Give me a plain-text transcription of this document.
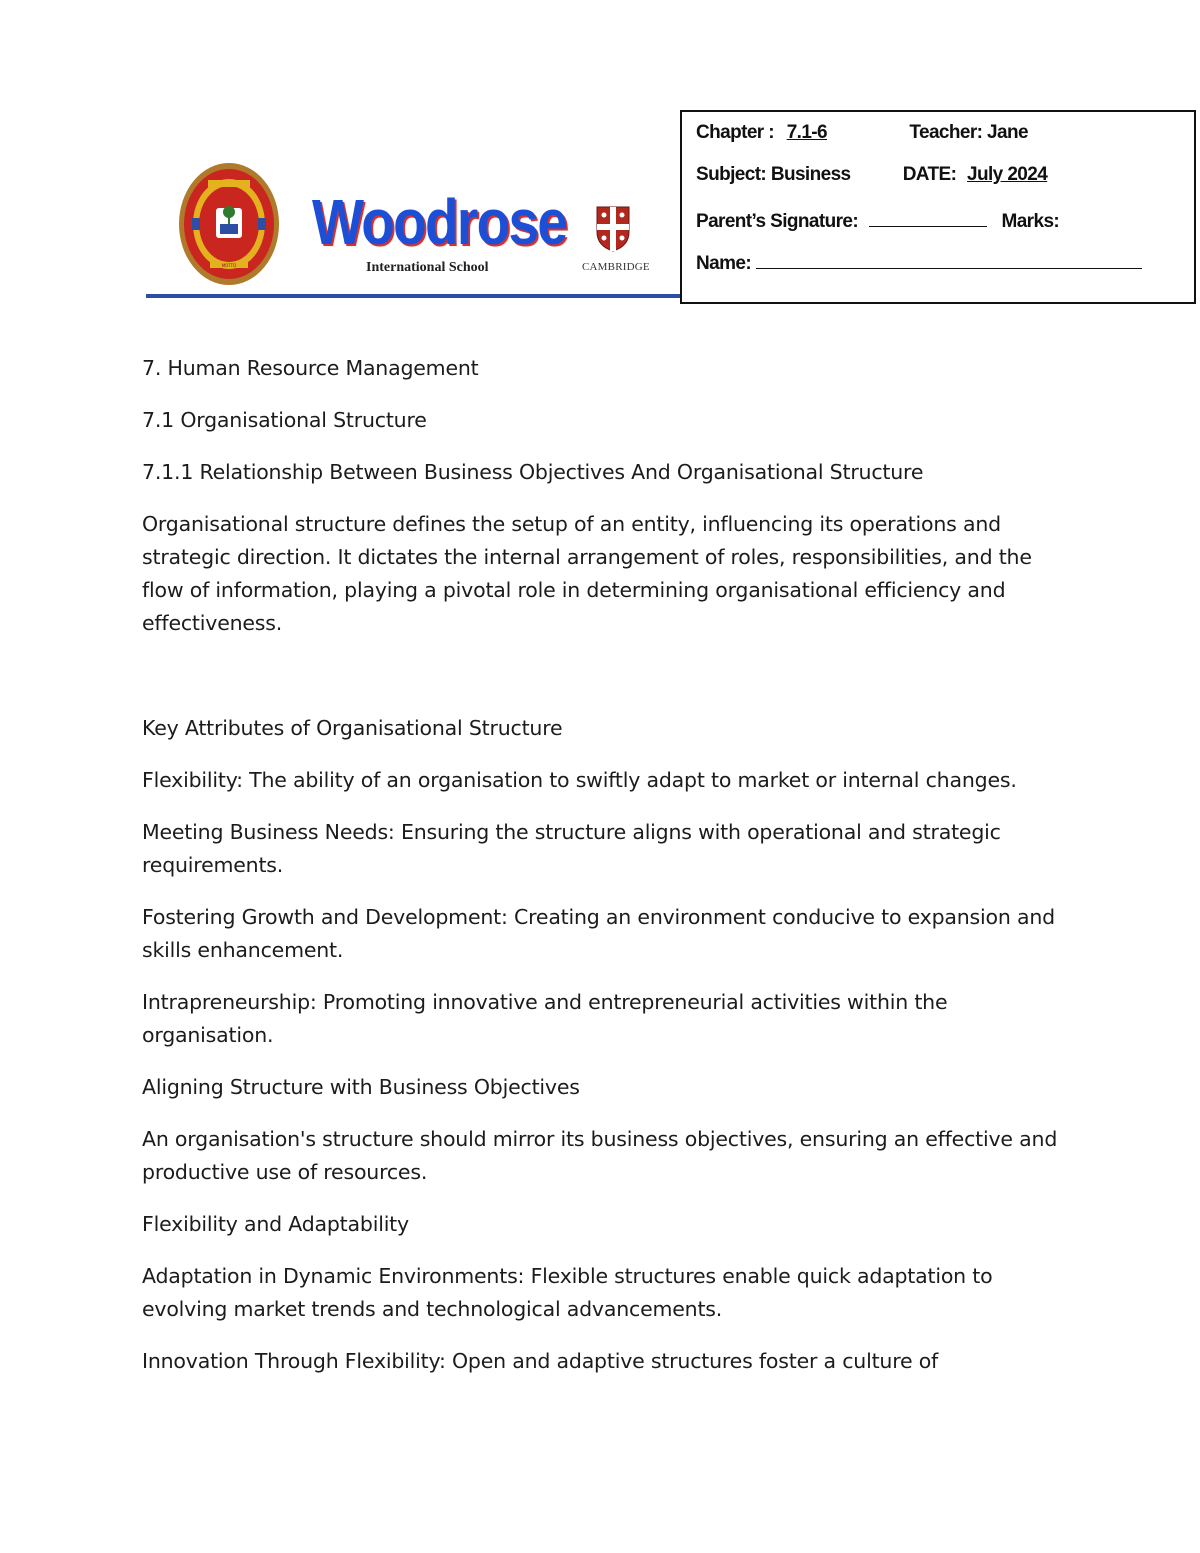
MOTTO
Woodrose
International School	CAMBRIDGE
Chapter : 7.1-6	Teacher: Jane
Subject: Business	DATE: July 2024
Parent’s Signature:	Marks:
Name:

7. Human Resource Management

7.1 Organisational Structure

7.1.1 Relationship Between Business Objectives And Organisational Structure

Organisational structure defines the setup of an entity, influencing its operations and strategic direction. It dictates the internal arrangement of roles, responsibilities, and the flow of information, playing a pivotal role in determining organisational efficiency and effectiveness.

Key Attributes of Organisational Structure

Flexibility: The ability of an organisation to swiftly adapt to market or internal changes.

Meeting Business Needs: Ensuring the structure aligns with operational and strategic requirements.

Fostering Growth and Development: Creating an environment conducive to expansion and skills enhancement.

Intrapreneurship: Promoting innovative and entrepreneurial activities within the organisation.

Aligning Structure with Business Objectives

An organisation's structure should mirror its business objectives, ensuring an effective and productive use of resources.

Flexibility and Adaptability

Adaptation in Dynamic Environments: Flexible structures enable quick adaptation to evolving market trends and technological advancements.

Innovation Through Flexibility: Open and adaptive structures foster a culture of
